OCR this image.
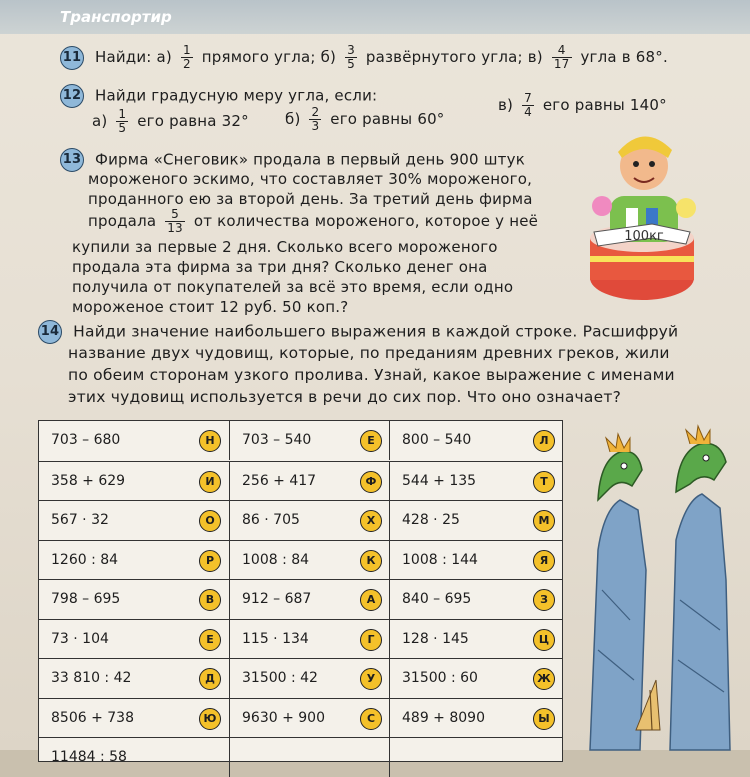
Транспортир
11 Найди: $а) \frac{1}{2}$ прямого угла; $б) \frac{3}{5}$ развёрнутого угла; $в) \frac{4}{17}$ угла в 68°.
12 Найди градусную меру угла, если:
$а) \frac{1}{5}$ его равна 32° $б) \frac{2}{3}$ его равны 60°
$в) \frac{7}{4}$ его равны 140°
13 Фирма «Снеговик» продала в первый день 900 штук
мороженого эскимо, что составляет 30% мороженого,
проданного ею за второй день. За третий день фирма
продала $\frac{5}{13}$ от количества мороженого, которое у неё
купили за первые 2 дня. Сколько всего мороженого
продала эта фирма за три дня? Сколько денег она
получила от покупателей за всё это время, если одно
мороженое стоит 12 руб. 50 коп.?
100кг
14 Найди значение наибольшего выражения в каждой строке. Расшифруй
название двух чудовищ, которые, по преданиям древних греков, жили
по обеим сторонам узкого пролива. Узнай, какое выражение с именами
этих чудовищ используется в речи до сих пор. Что оно означает?
703 – 680	Н	703 – 540	Е	800 – 540	Л
358 + 629	И	256 + 417	Ф	544 + 135	Т
567 · 32	О	86 · 705	Х	428 · 25	М
1260 : 84	Р	1008 : 84	К	1008 : 144	Я
798 – 695	В	912 – 687	А	840 – 695	З
73 · 104	Е	115 · 134	Г	128 · 145	Ц
33 810 : 42	Д	31500 : 42	У	31500 : 60	Ж
8506 + 738	Ю	9630 + 900	С	489 + 8090	Ы
11484 : 58
